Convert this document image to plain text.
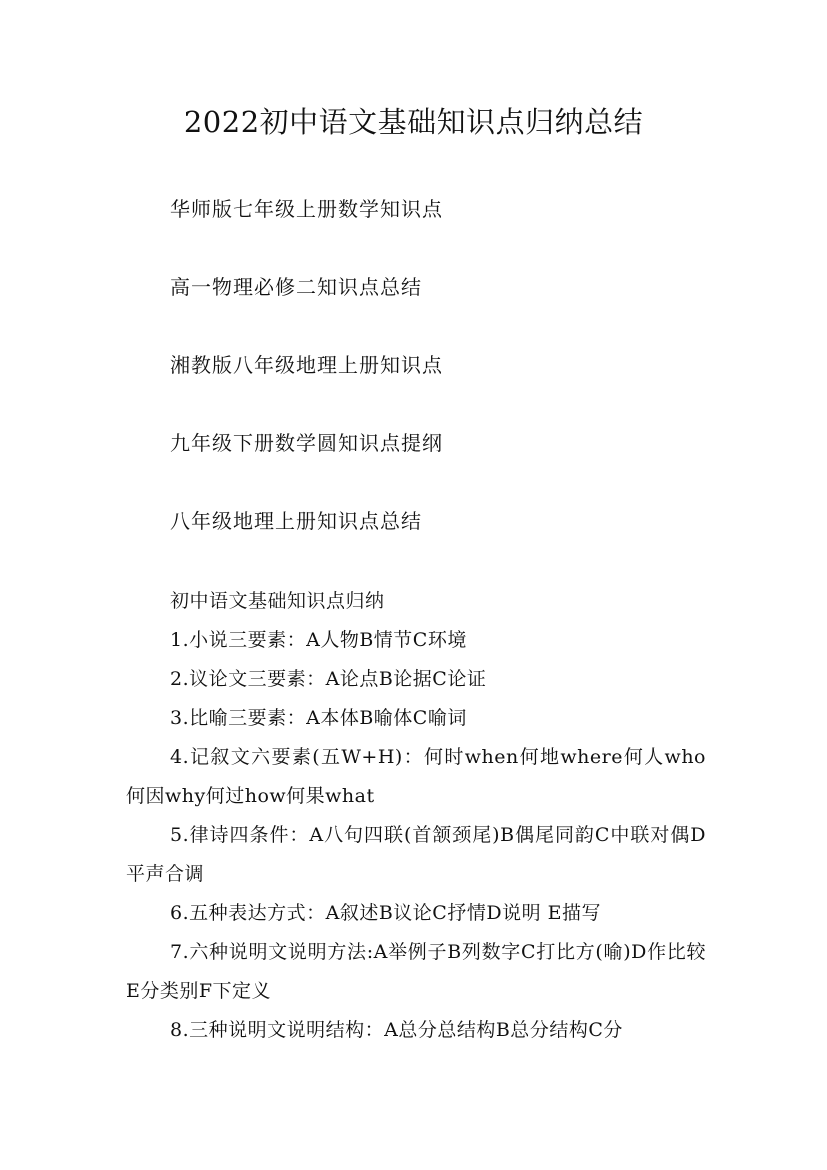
2022初中语文基础知识点归纳总结
华师版七年级上册数学知识点
高一物理必修二知识点总结
湘教版八年级地理上册知识点
九年级下册数学圆知识点提纲
八年级地理上册知识点总结

初中语文基础知识点归纳

1.小说三要素：A人物B情节C环境

2.议论文三要素：A论点B论据C论证

3.比喻三要素：A本体B喻体C喻词

4.记叙文六要素(五W+H)：何时when何地where何人who何因why何过how何果what

5.律诗四条件：A八句四联(首颔颈尾)B偶尾同韵C中联对偶D平声合调

6.五种表达方式：A叙述B议论C抒情D说明 E描写

7.六种说明文说明方法:A举例子B列数字C打比方(喻)D作比较E分类别F下定义

8.三种说明文说明结构：A总分总结构B总分结构C分
